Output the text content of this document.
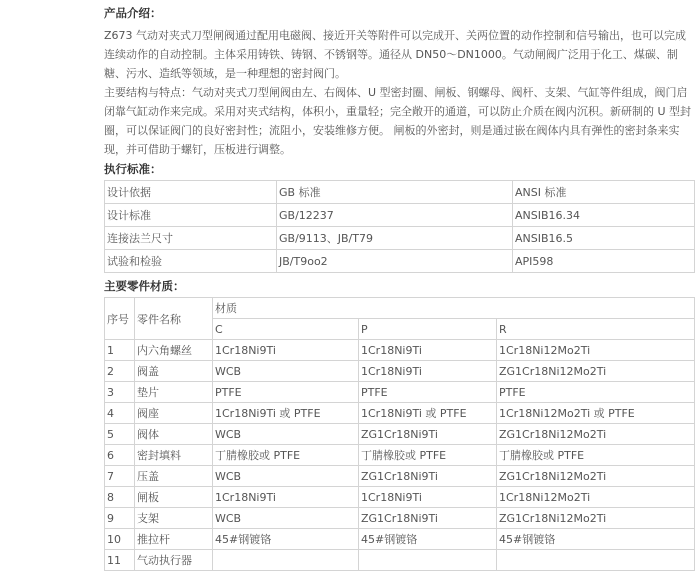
产品介绍：
Z673 气动对夹式刀型闸阀通过配用电磁阀、接近开关等附件可以完成开、关两位置的动作控制和信号输出，也可以完成连续动作的自动控制。主体采用铸铁、铸钢、不锈钢等。通径从 DN50～DN1000。气动闸阀广泛用于化工、煤碳、制糖、污水、造纸等领域，是一种理想的密封阀门。
主要结构与特点：气动对夹式刀型闸阀由左、右阀体、U 型密封圈、闸板、钢螺母、阀杆、支架、气缸等件组成，阀门启闭靠气缸动作来完成。采用对夹式结构，体积小，重量轻；完全敞开的通道，可以防止介质在阀内沉积。新研制的 U 型封圈，可以保证阀门的良好密封性；流阻小，安装维修方便。 闸板的外密封，则是通过嵌在阀体内具有弹性的密封条来实现，并可借助于螺钉，压板进行调整。
执行标准：
设计依据	GB 标准	ANSI 标准
设计标准	GB/12237	ANSIB16.34
连接法兰尺寸	GB/9113、JB/T79	ANSIB16.5
试验和检验	JB/T9oo2	API598
主要零件材质：
序号	零件名称	材质		
		C	P	R
1	内六角螺丝	1Cr18Ni9Ti	1Cr18Ni9Ti	1Cr18Ni12Mo2Ti
2	阀盖	WCB	1Cr18Ni9Ti	ZG1Cr18Ni12Mo2Ti
3	垫片	PTFE	PTFE	PTFE
4	阀座	1Cr18Ni9Ti 或 PTFE	1Cr18Ni9Ti 或 PTFE	1Cr18Ni12Mo2Ti 或 PTFE
5	阀体	WCB	ZG1Cr18Ni9Ti	ZG1Cr18Ni12Mo2Ti
6	密封填料	丁腈橡胶或 PTFE	丁腈橡胶或 PTFE	丁腈橡胶或 PTFE
7	压盖	WCB	ZG1Cr18Ni9Ti	ZG1Cr18Ni12Mo2Ti
8	闸板	1Cr18Ni9Ti	1Cr18Ni9Ti	1Cr18Ni12Mo2Ti
9	支架	WCB	ZG1Cr18Ni9Ti	ZG1Cr18Ni12Mo2Ti
10	推拉杆	45#钢镀铬	45#钢镀铬	45#钢镀铬
11	气动执行器			
